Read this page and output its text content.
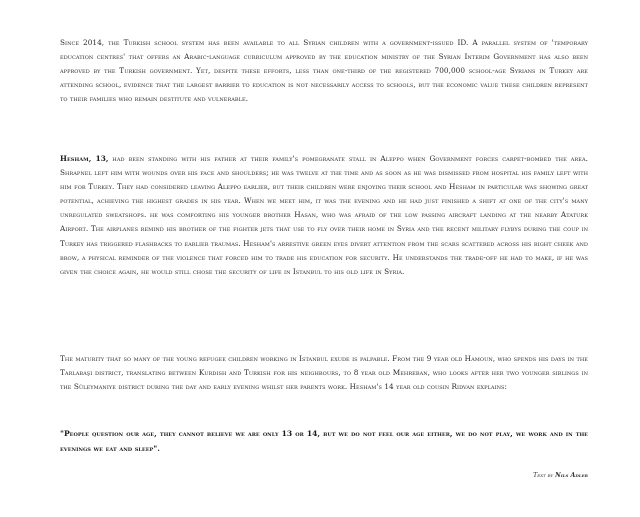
Since 2014, the Turkish school system has been available to all Syrian children with a government-issued ID. A parallel system of 'temporary education centres' that offers an Arabic-language curriculum approved by the education ministry of the Syrian Interim Government has also been approved by the Turkish government. Yet, despite these efforts, less than one-third of the registered 700,000 school-age Syrians in Turkey are attending school, evidence that the largest barrier to education is not necessarily access to schools, but the economic value these children represent to their families who remain destitute and vulnerable.

Hesham, 13, had been standing with his father at their family's pomegranate stall in Aleppo when Government forces carpet-bombed the area. Shrapnel left him with wounds over his face and shoulders; he was twelve at the time and as soon as he was dismissed from hospital his family left with him for Turkey. They had considered leaving Aleppo earlier, but their children were enjoying their school and Hesham in particular was showing great potential, achieving the highest grades in his year. When we meet him, it was the evening and he had just finished a shift at one of the city's many unregulated sweatshops. he was comforting his younger brother Hasan, who was afraid of the low passing aircraft landing at the nearby Ataturk Airport. The airplanes remind his brother of the fighter jets that use to fly over their home in Syria and the recent military flybys during the coup in Turkey has triggered flashbacks to earlier traumas. Hesham's arrestive green eyes divert attention from the scars scattered across his right cheek and brow, a physical reminder of the violence that forced him to trade his education for security. He understands the trade-off he had to make, if he was given the choice again, he would still chose the security of life in Istanbul to his old life in Syria.

The maturity that so many of the young refugee children working in Istanbul exude is palpable. From the 9 year old Hamoun, who spends his days in the Tarlabaşi district, translating between Kurdish and Turkish for his neighbours, to 8 year old Mehreban, who looks after her two younger siblings in the Süleymaniye district during the day and early evening whilst her parents work. Hesham's 14 year old cousin Ridvan explains:

"People question our age, they cannot believe we are only 13 or 14, but we do not feel our age either, we do not play, we work and in the evenings we eat and sleep".

Text by Nils Adler
